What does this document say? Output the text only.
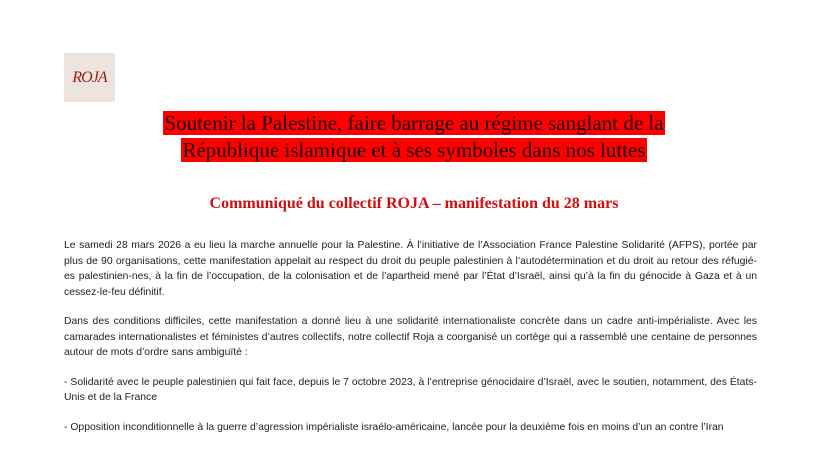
ROJA
Soutenir la Palestine, faire barrage au régime sanglant de la
République islamique et à ses symboles dans nos luttes
Communiqué du collectif ROJA – manifestation du 28 mars

Le samedi 28 mars 2026 a eu lieu la marche annuelle pour la Palestine. À l’initiative de l’Association France Palestine Solidarité (AFPS), portée par plus de 90 organisations, cette manifestation appelait au respect du droit du peuple palestinien à l’autodétermination et du droit au retour des réfugié-es palestinien-nes, à la fin de l’occupation, de la colonisation et de l’apartheid mené par l’État d’Israël, ainsi qu’à la fin du génocide à Gaza et à un cessez-le-feu définitif.

Dans des conditions difficiles, cette manifestation a donné lieu à une solidarité internationaliste concrète dans un cadre anti-impérialiste. Avec les camarades internationalistes et féministes d’autres collectifs, notre collectif Roja a coorganisé un cortège qui a rassemblé une centaine de personnes autour de mots d’ordre sans ambiguïté :

- Solidarité avec le peuple palestinien qui fait face, depuis le 7 octobre 2023, à l’entreprise génocidaire d’Israël, avec le soutien, notamment, des États-Unis et de la France

- Opposition inconditionnelle à la guerre d’agression impérialiste israélo-américaine, lancée pour la deuxième fois en moins d’un an contre l’Iran
